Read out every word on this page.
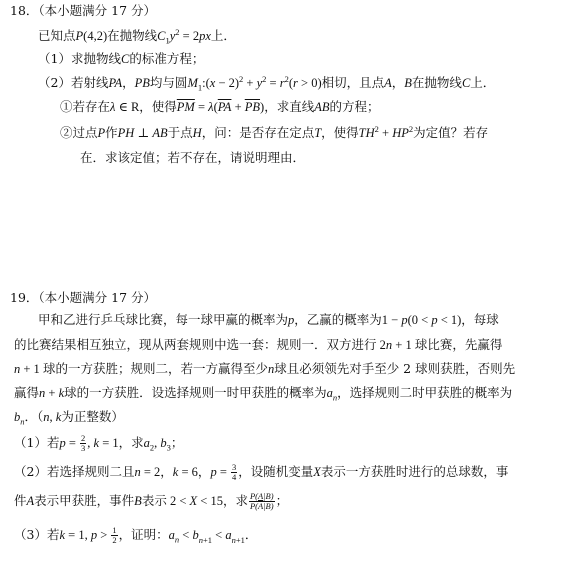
18．（本小题满分 17 分）
已知点P(4,2)在抛物线$C_1y^2 = 2px$上．
（1）求抛物线C的标准方程；
（2）若射线PA，PB均与圆$M_1:(x - 2)^2 + y^2 = r^2(r > 0)$相切，且点A，B在抛物线C上．
①若存在λ ∈ R，使得$\overline{PM} = \lambda(\overline{PA} + \overline{PB})$，求直线AB的方程；
②过点P作PH ⊥ AB于点H，问：是否存在定点T，使得$TH^2 + HP^2$为定值？若存
在．求该定值；若不存在，请说明理由．
19．（本小题满分 17 分）
甲和乙进行乒乓球比赛，每一球甲赢的概率为p，乙赢的概率为1 − p(0 < p < 1)，每球
的比赛结果相互独立，现从两套规则中选一套：规则一．双方进行 2n + 1 球比赛，先赢得
n + 1 球的一方获胜；规则二，若一方赢得至少n球且必须领先对手至少 2 球则获胜，否则先
赢得n + k球的一方获胜．设选择规则一时甲获胜的概率为$a_n$，选择规则二时甲获胜的概率为
$b_n$．（n, k为正整数）
（1）若$p = \frac{2}{3}$ , k = 1，求$a_2$, $b_3$；
（2）若选择规则二且n = 2，k = 6，$p = \frac{3}{4}$ ，设随机变量X表示一方获胜时进行的总球数，事
件A表示甲获胜，事件B表示 2 < X < 15，求 $\frac{P(A|B)}{P(\overline{A}|B)}$ ；
（3）若k = 1, $p > \frac{1}{2}$ ，证明：$a_n < b_{n+1} < a_{n+1}$．
